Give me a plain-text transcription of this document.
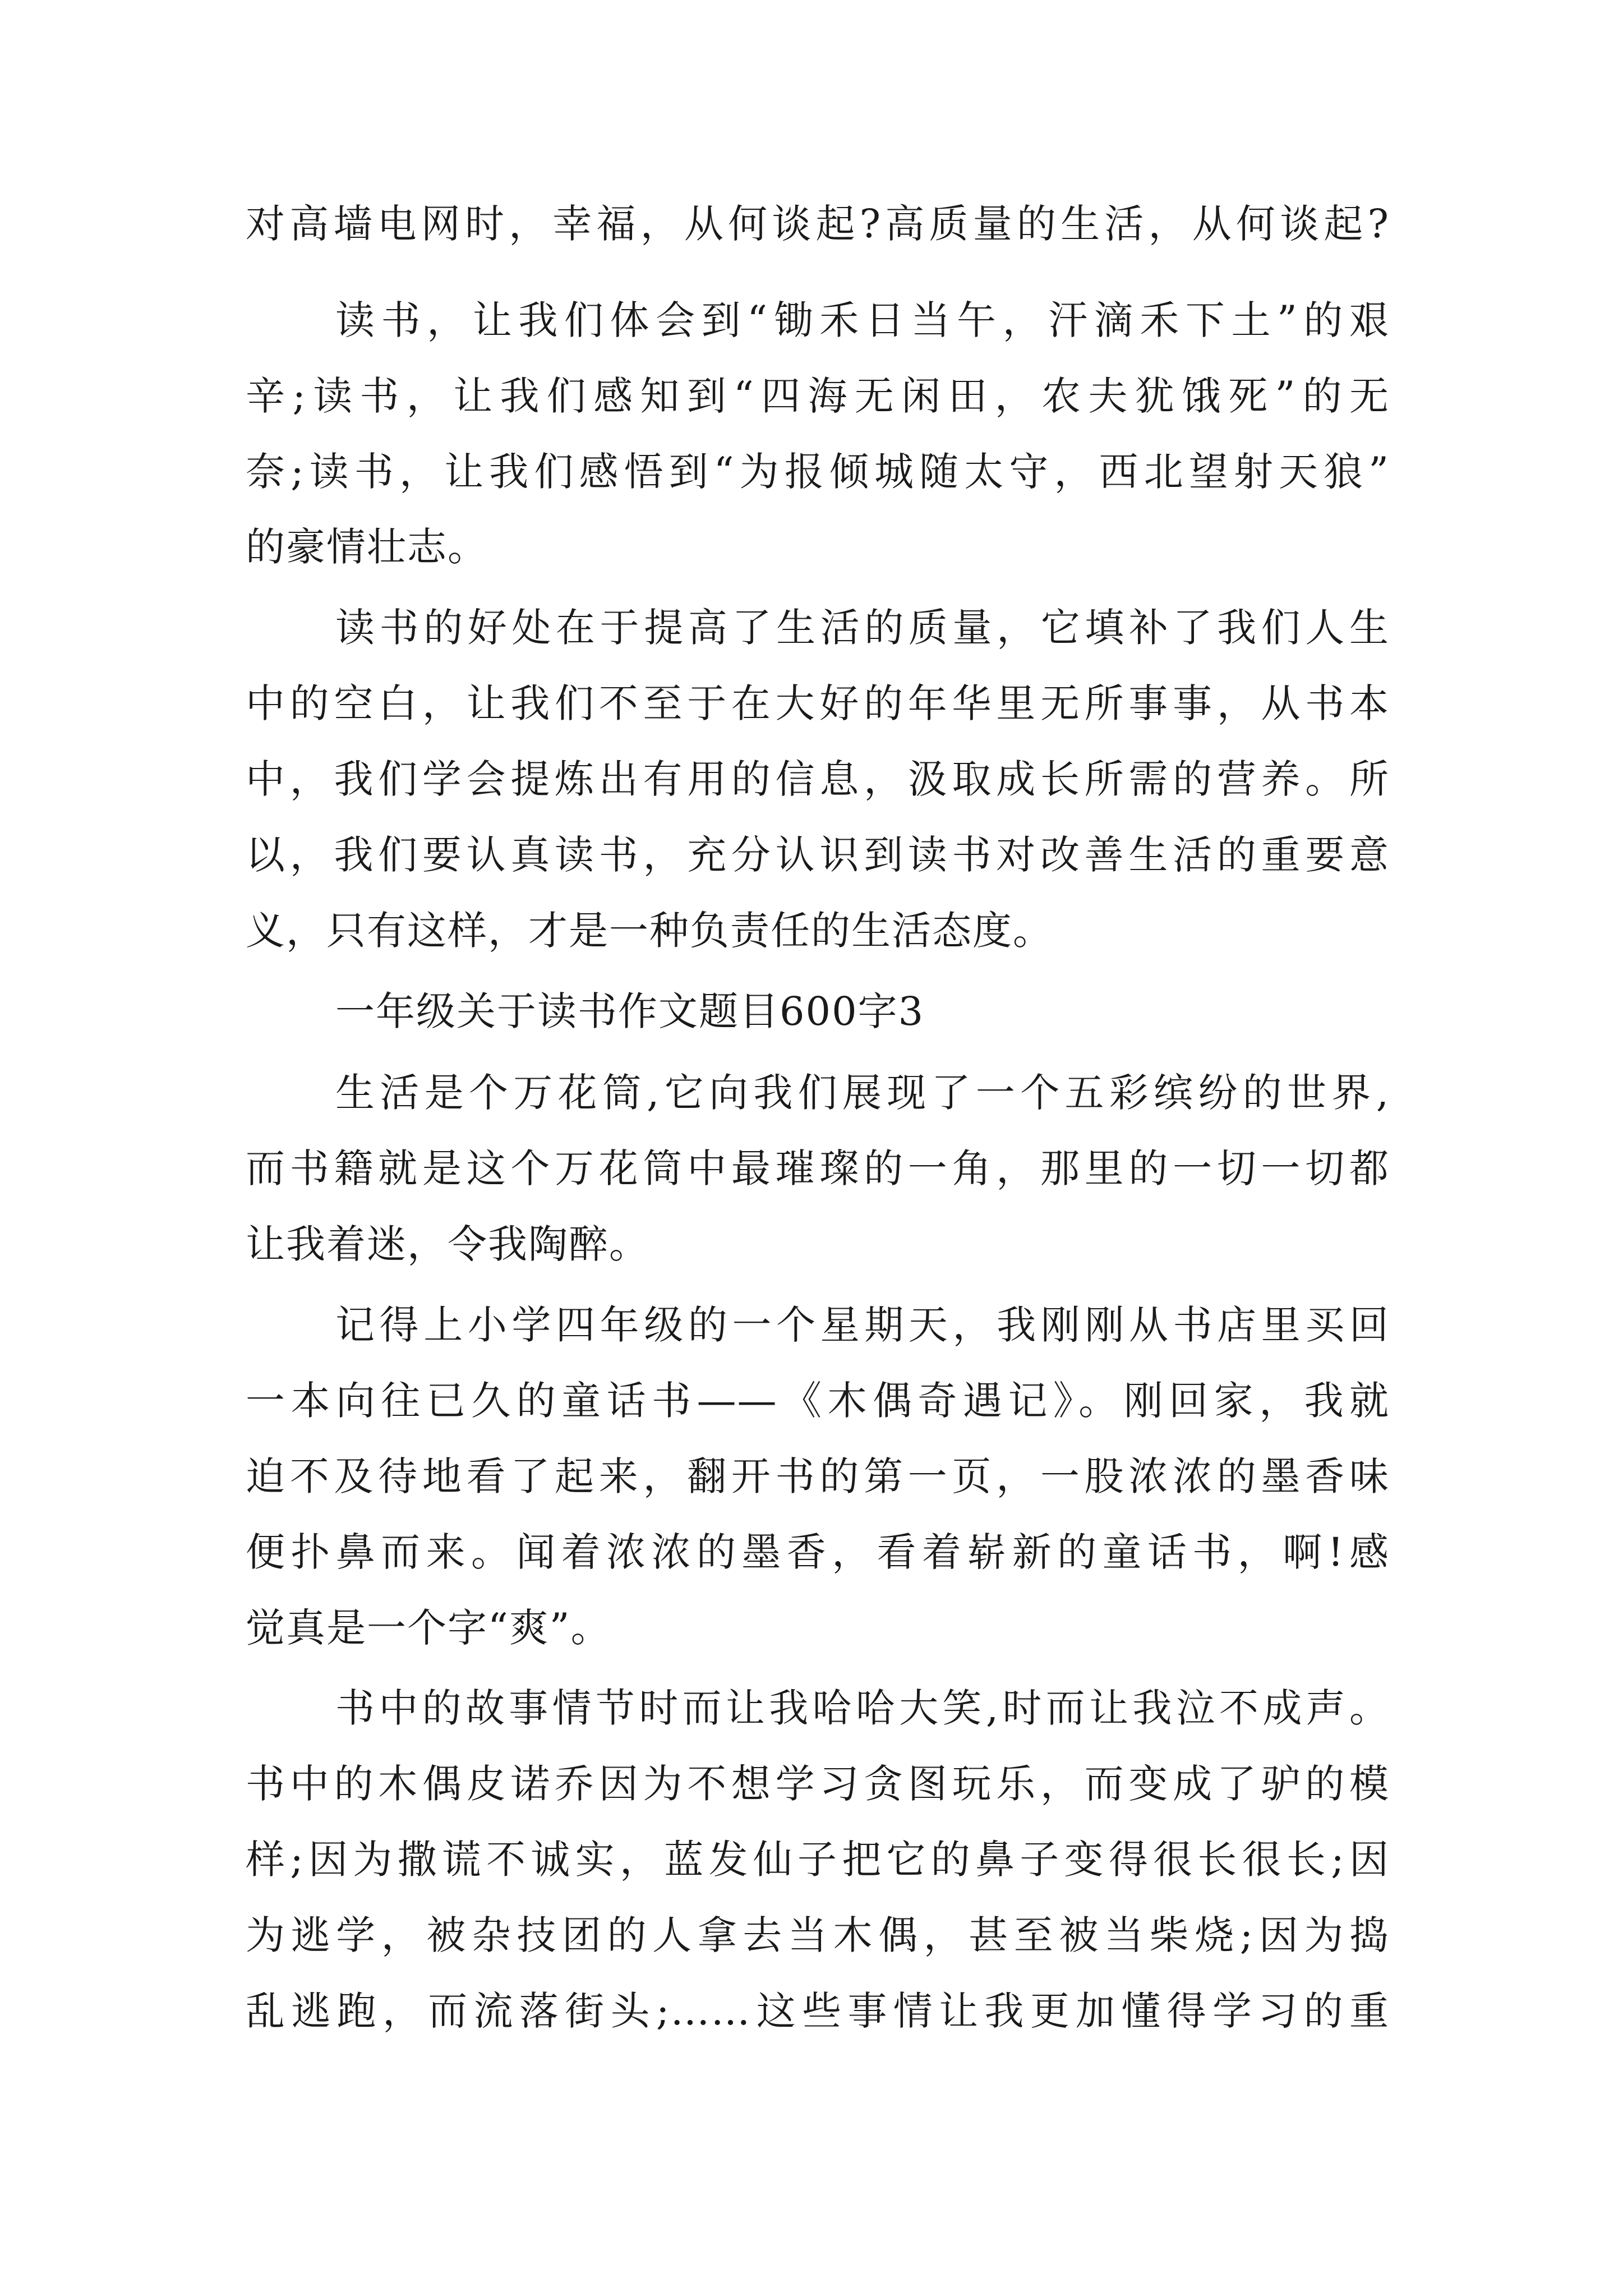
对高墙电网时，幸福，从何谈起?高质量的生活，从何谈起?
读书，让我们体会到“锄禾日当午，汗滴禾下土”的艰
辛;读书，让我们感知到“四海无闲田，农夫犹饿死”的无
奈;读书，让我们感悟到“为报倾城随太守，西北望射天狼”
的豪情壮志。
读书的好处在于提高了生活的质量，它填补了我们人生
中的空白，让我们不至于在大好的年华里无所事事，从书本
中，我们学会提炼出有用的信息，汲取成长所需的营养。所
以，我们要认真读书，充分认识到读书对改善生活的重要意
义，只有这样，才是一种负责任的生活态度。
一年级关于读书作文题目600字3
生活是个万花筒,它向我们展现了一个五彩缤纷的世界,
而书籍就是这个万花筒中最璀璨的一角，那里的一切一切都
让我着迷，令我陶醉。
记得上小学四年级的一个星期天，我刚刚从书店里买回
一本向往已久的童话书——《木偶奇遇记》。刚回家，我就
迫不及待地看了起来，翻开书的第一页，一股浓浓的墨香味
便扑鼻而来。闻着浓浓的墨香，看着崭新的童话书，啊!感
觉真是一个字“爽”。
书中的故事情节时而让我哈哈大笑,时而让我泣不成声。
书中的木偶皮诺乔因为不想学习贪图玩乐，而变成了驴的模
样;因为撒谎不诚实，蓝发仙子把它的鼻子变得很长很长;因
为逃学，被杂技团的人拿去当木偶，甚至被当柴烧;因为捣
乱逃跑，而流落街头;……这些事情让我更加懂得学习的重
